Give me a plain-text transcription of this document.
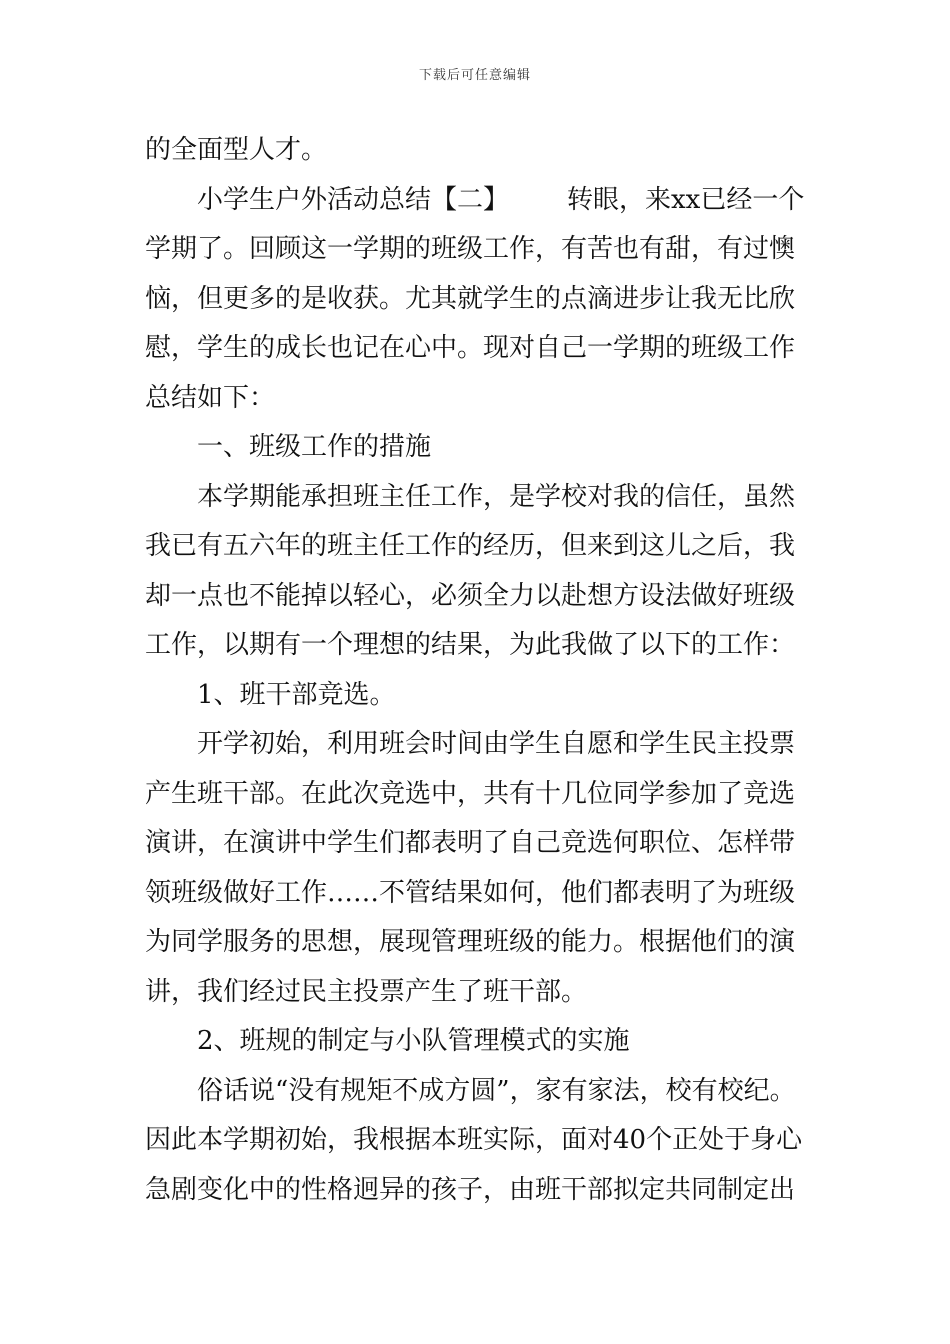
下载后可任意编辑
的全面型人才。
小学生户外活动总结【二】 转眼，来xx已经一个
学期了。回顾这一学期的班级工作，有苦也有甜，有过懊
恼，但更多的是收获。尤其就学生的点滴进步让我无比欣
慰，学生的成长也记在心中。现对自己一学期的班级工作
总结如下：
一、班级工作的措施
本学期能承担班主任工作，是学校对我的信任，虽然
我已有五六年的班主任工作的经历，但来到这儿之后，我
却一点也不能掉以轻心，必须全力以赴想方设法做好班级
工作，以期有一个理想的结果，为此我做了以下的工作：
1、班干部竞选。
开学初始，利用班会时间由学生自愿和学生民主投票
产生班干部。在此次竞选中，共有十几位同学参加了竞选
演讲，在演讲中学生们都表明了自己竞选何职位、怎样带
领班级做好工作……不管结果如何，他们都表明了为班级
为同学服务的思想，展现管理班级的能力。根据他们的演
讲，我们经过民主投票产生了班干部。
2、班规的制定与小队管理模式的实施
俗话说“没有规矩不成方圆”，家有家法，校有校纪。
因此本学期初始，我根据本班实际，面对40个正处于身心
急剧变化中的性格迥异的孩子，由班干部拟定共同制定出
